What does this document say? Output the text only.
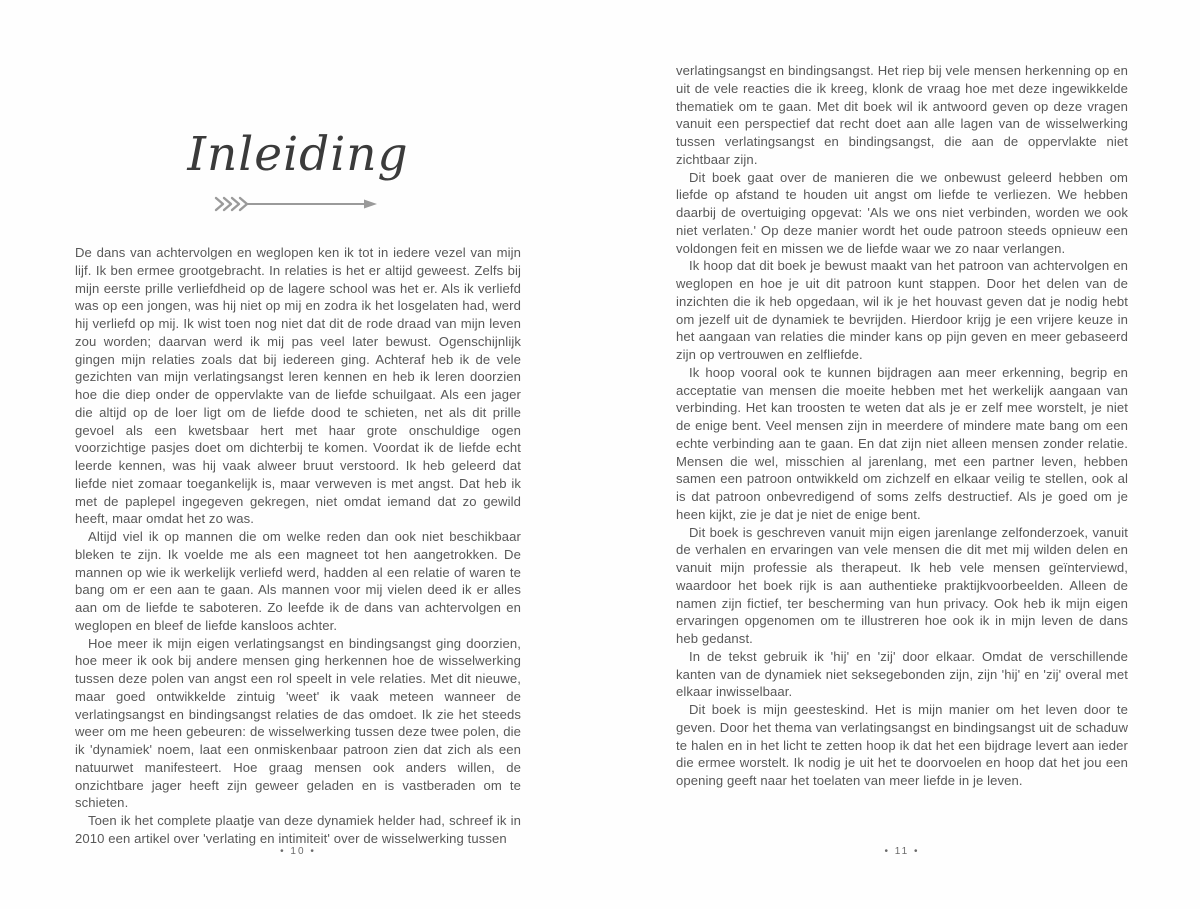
Inleiding

De dans van achtervolgen en weglopen ken ik tot in iedere vezel van mijn lijf. Ik ben ermee grootgebracht. In relaties is het er altijd geweest. Zelfs bij mijn eerste prille verliefdheid op de lagere school was het er. Als ik verliefd was op een jongen, was hij niet op mij en zodra ik het losgelaten had, werd hij verliefd op mij. Ik wist toen nog niet dat dit de rode draad van mijn leven zou worden; daarvan werd ik mij pas veel later bewust. Ogenschijnlijk gingen mijn relaties zoals dat bij iedereen ging. Achteraf heb ik de vele gezichten van mijn verlatingsangst leren kennen en heb ik leren doorzien hoe die diep onder de oppervlakte van de liefde schuilgaat. Als een jager die altijd op de loer ligt om de liefde dood te schieten, net als dit prille gevoel als een kwetsbaar hert met haar grote onschuldige ogen voorzichtige pasjes doet om dichterbij te komen. Voordat ik de liefde echt leerde kennen, was hij vaak alweer bruut verstoord. Ik heb geleerd dat liefde niet zomaar toegankelijk is, maar verweven is met angst. Dat heb ik met de paplepel ingegeven gekregen, niet omdat iemand dat zo gewild heeft, maar omdat het zo was.

Altijd viel ik op mannen die om welke reden dan ook niet beschikbaar bleken te zijn. Ik voelde me als een magneet tot hen aangetrokken. De mannen op wie ik werkelijk verliefd werd, hadden al een relatie of waren te bang om er een aan te gaan. Als mannen voor mij vielen deed ik er alles aan om de liefde te saboteren. Zo leefde ik de dans van achtervolgen en weglopen en bleef de liefde kansloos achter.

Hoe meer ik mijn eigen verlatingsangst en bindingsangst ging doorzien, hoe meer ik ook bij andere mensen ging herkennen hoe de wisselwerking tussen deze polen van angst een rol speelt in vele relaties. Met dit nieuwe, maar goed ontwikkelde zintuig 'weet' ik vaak meteen wanneer de verlatingsangst en bindingsangst relaties de das omdoet. Ik zie het steeds weer om me heen gebeuren: de wisselwerking tussen deze twee polen, die ik 'dynamiek' noem, laat een onmiskenbaar patroon zien dat zich als een natuurwet manifesteert. Hoe graag mensen ook anders willen, de onzichtbare jager heeft zijn geweer geladen en is vastberaden om te schieten.

Toen ik het complete plaatje van deze dynamiek helder had, schreef ik in 2010 een artikel over 'verlating en intimiteit' over de wisselwerking tussen

• 10 •

verlatingsangst en bindingsangst. Het riep bij vele mensen herkenning op en uit de vele reacties die ik kreeg, klonk de vraag hoe met deze ingewikkelde thematiek om te gaan. Met dit boek wil ik antwoord geven op deze vragen vanuit een perspectief dat recht doet aan alle lagen van de wisselwerking tussen verlatingsangst en bindingsangst, die aan de oppervlakte niet zichtbaar zijn.

Dit boek gaat over de manieren die we onbewust geleerd hebben om liefde op afstand te houden uit angst om liefde te verliezen. We hebben daarbij de overtuiging opgevat: 'Als we ons niet verbinden, worden we ook niet verlaten.' Op deze manier wordt het oude patroon steeds opnieuw een voldongen feit en missen we de liefde waar we zo naar verlangen.

Ik hoop dat dit boek je bewust maakt van het patroon van achtervolgen en weglopen en hoe je uit dit patroon kunt stappen. Door het delen van de inzichten die ik heb opgedaan, wil ik je het houvast geven dat je nodig hebt om jezelf uit de dynamiek te bevrijden. Hierdoor krijg je een vrijere keuze in het aangaan van relaties die minder kans op pijn geven en meer gebaseerd zijn op vertrouwen en zelfliefde.

Ik hoop vooral ook te kunnen bijdragen aan meer erkenning, begrip en acceptatie van mensen die moeite hebben met het werkelijk aangaan van verbinding. Het kan troosten te weten dat als je er zelf mee worstelt, je niet de enige bent. Veel mensen zijn in meerdere of mindere mate bang om een echte verbinding aan te gaan. En dat zijn niet alleen mensen zonder relatie. Mensen die wel, misschien al jarenlang, met een partner leven, hebben samen een patroon ontwikkeld om zichzelf en elkaar veilig te stellen, ook al is dat patroon onbevredigend of soms zelfs destructief. Als je goed om je heen kijkt, zie je dat je niet de enige bent.

Dit boek is geschreven vanuit mijn eigen jarenlange zelfonderzoek, vanuit de verhalen en ervaringen van vele mensen die dit met mij wilden delen en vanuit mijn professie als therapeut. Ik heb vele mensen geïnterviewd, waardoor het boek rijk is aan authentieke praktijkvoorbeelden. Alleen de namen zijn fictief, ter bescherming van hun privacy. Ook heb ik mijn eigen ervaringen opgenomen om te illustreren hoe ook ik in mijn leven de dans heb gedanst.

In de tekst gebruik ik 'hij' en 'zij' door elkaar. Omdat de verschillende kanten van de dynamiek niet seksegebonden zijn, zijn 'hij' en 'zij' overal met elkaar inwisselbaar.

Dit boek is mijn geesteskind. Het is mijn manier om het leven door te geven. Door het thema van verlatingsangst en bindingsangst uit de schaduw te halen en in het licht te zetten hoop ik dat het een bijdrage levert aan ieder die ermee worstelt. Ik nodig je uit het te doorvoelen en hoop dat het jou een opening geeft naar het toelaten van meer liefde in je leven.

• 11 •
